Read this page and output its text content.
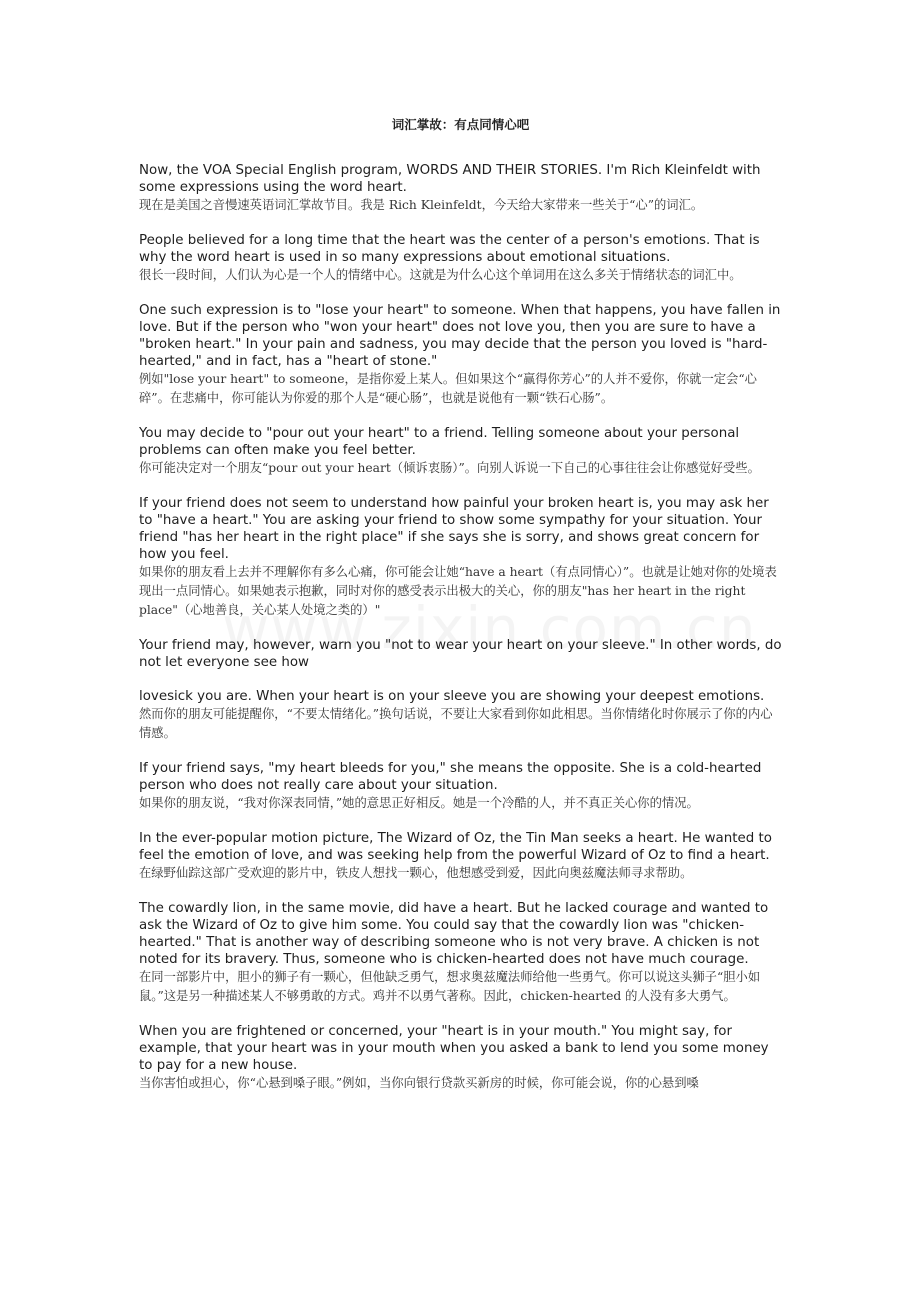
词汇掌故：有点同情心吧

Now, the VOA Special English program, WORDS AND THEIR STORIES. I'm Rich Kleinfeldt with some expressions using the word heart.

现在是美国之音慢速英语词汇掌故节目。我是 Rich Kleinfeldt，今天给大家带来一些关于“心”的词汇。

People believed for a long time that the heart was the center of a person's emotions. That is why the word heart is used in so many expressions about emotional situations.

很长一段时间，人们认为心是一个人的情绪中心。这就是为什么心这个单词用在这么多关于情绪状态的词汇中。

One such expression is to "lose your heart" to someone. When that happens, you have fallen in love. But if the person who "won your heart" does not love you, then you are sure to have a "broken heart." In your pain and sadness, you may decide that the person you loved is "hard-hearted," and in fact, has a "heart of stone."

例如"lose your heart" to someone，是指你爱上某人。但如果这个“赢得你芳心”的人并不爱你，你就一定会“心碎”。在悲痛中，你可能认为你爱的那个人是“硬心肠”，也就是说他有一颗“铁石心肠”。

You may decide to "pour out your heart" to a friend. Telling someone about your personal problems can often make you feel better.

你可能决定对一个朋友“pour out your heart（倾诉衷肠）”。向别人诉说一下自己的心事往往会让你感觉好受些。

If your friend does not seem to understand how painful your broken heart is, you may ask her to "have a heart." You are asking your friend to show some sympathy for your situation. Your friend "has her heart in the right place" if she says she is sorry, and shows great concern for how you feel.

如果你的朋友看上去并不理解你有多么心痛，你可能会让她“have a heart（有点同情心）”。也就是让她对你的处境表现出一点同情心。如果她表示抱歉，同时对你的感受表示出极大的关心，你的朋友"has her heart in the right place"（心地善良，关心某人处境之类的）"

Your friend may, however, warn you "not to wear your heart on your sleeve." In other words, do not let everyone see how

lovesick you are. When your heart is on your sleeve you are showing your deepest emotions.

然而你的朋友可能提醒你，“不要太情绪化。”换句话说，不要让大家看到你如此相思。当你情绪化时你展示了你的内心情感。

If your friend says, "my heart bleeds for you," she means the opposite. She is a cold-hearted person who does not really care about your situation.

如果你的朋友说，“我对你深表同情，”她的意思正好相反。她是一个冷酷的人，并不真正关心你的情况。

In the ever-popular motion picture, The Wizard of Oz, the Tin Man seeks a heart. He wanted to feel the emotion of love, and was seeking help from the powerful Wizard of Oz to find a heart.

在绿野仙踪这部广受欢迎的影片中，铁皮人想找一颗心，他想感受到爱，因此向奥兹魔法师寻求帮助。

The cowardly lion, in the same movie, did have a heart. But he lacked courage and wanted to ask the Wizard of Oz to give him some. You could say that the cowardly lion was "chicken-hearted." That is another way of describing someone who is not very brave. A chicken is not noted for its bravery. Thus, someone who is chicken-hearted does not have much courage.

在同一部影片中，胆小的狮子有一颗心，但他缺乏勇气，想求奥兹魔法师给他一些勇气。你可以说这头狮子“胆小如鼠。”这是另一种描述某人不够勇敢的方式。鸡并不以勇气著称。因此，chicken-hearted 的人没有多大勇气。

When you are frightened or concerned, your "heart is in your mouth." You might say, for example, that your heart was in your mouth when you asked a bank to lend you some money to pay for a new house.

当你害怕或担心，你“心悬到嗓子眼。”例如，当你向银行贷款买新房的时候，你可能会说，你的心悬到嗓
